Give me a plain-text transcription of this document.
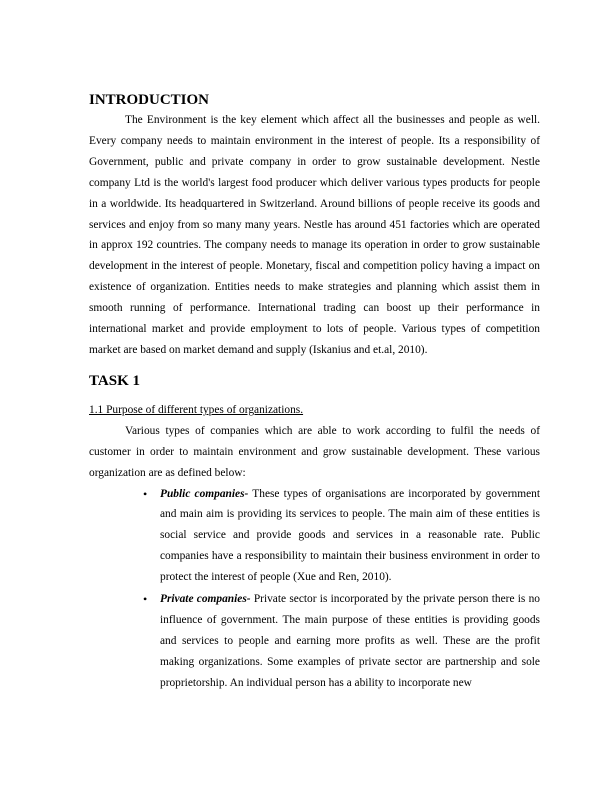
INTRODUCTION

The Environment is the key element which affect all the businesses and people as well. Every company needs to maintain environment in the interest of people. Its a responsibility of Government, public and private company in order to grow sustainable development. Nestle company Ltd is the world's largest food producer which deliver various types products for people in a worldwide. Its headquartered in Switzerland. Around billions of people receive its goods and services and enjoy from so many many years. Nestle has around 451 factories which are operated in approx 192 countries. The company needs to manage its operation in order to grow sustainable development in the interest of people. Monetary, fiscal and competition policy having a impact on existence of organization. Entities needs to make strategies and planning which assist them in smooth running of performance. International trading can boost up their performance in international market and provide employment to lots of people. Various types of competition market are based on market demand and supply (Iskanius and et.al, 2010).

TASK 1
1.1 Purpose of different types of organizations.

Various types of companies which are able to work according to fulfil the needs of customer in order to maintain environment and grow sustainable development. These various organization are as defined below:

• Public companies- These types of organisations are incorporated by government and main aim is providing its services to people. The main aim of these entities is social service and provide goods and services in a reasonable rate. Public companies have a responsibility to maintain their business environment in order to protect the interest of people (Xue and Ren, 2010).
• Private companies- Private sector is incorporated by the private person there is no influence of government. The main purpose of these entities is providing goods and services to people and earning more profits as well. These are the profit making organizations. Some examples of private sector are partnership and sole proprietorship. An individual person has a ability to incorporate new
